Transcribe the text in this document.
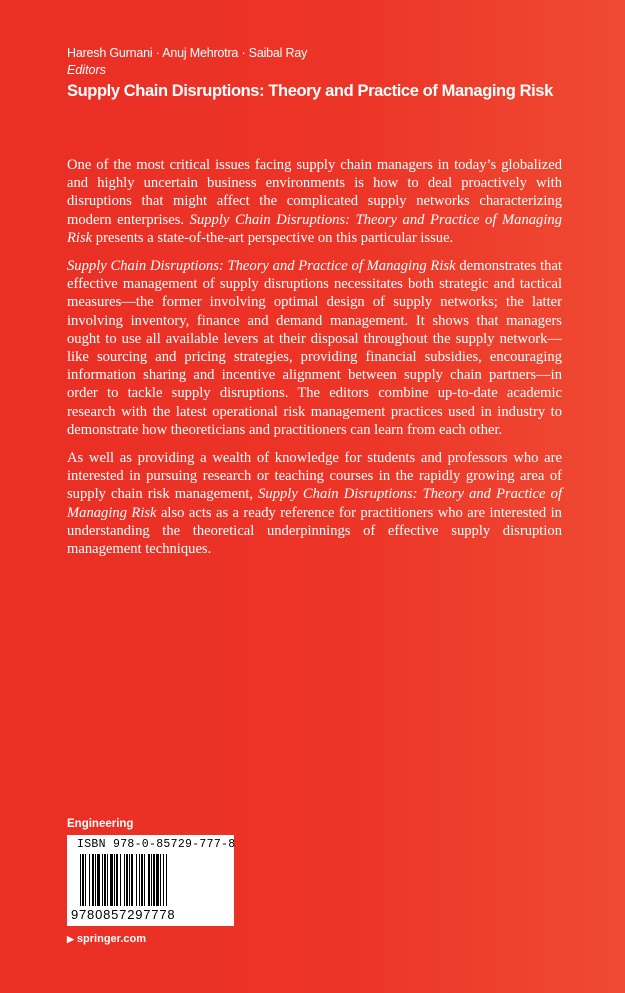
Haresh Gurnani · Anuj Mehrotra · Saibal Ray
Editors
Supply Chain Disruptions: Theory and Practice of Managing Risk

One of the most critical issues facing supply chain managers in today’s globalized and highly uncertain business environments is how to deal proactively with disruptions that might affect the complicated supply networks characterizing modern enterprises. Supply Chain Disruptions: Theory and Practice of Managing Risk presents a state-of-the-art perspective on this particular issue.

Supply Chain Disruptions: Theory and Practice of Managing Risk demonstrates that effective management of supply disruptions necessitates both strategic and tactical measures—the former involving optimal design of supply networks; the latter involving inventory, finance and demand management. It shows that managers ought to use all available levers at their disposal throughout the supply network—like sourcing and pricing strategies, providing financial subsidies, encouraging information sharing and incentive alignment between supply chain partners—in order to tackle supply disruptions. The editors combine up-to-date academic research with the latest operational risk management practices used in industry to demonstrate how theoreticians and practitioners can learn from each other.

As well as providing a wealth of knowledge for students and professors who are interested in pursuing research or teaching courses in the rapidly growing area of supply chain risk management, Supply Chain Disruptions: Theory and Practice of Managing Risk also acts as a ready reference for practitioners who are interested in understanding the theoretical underpinnings of effective supply disruption management techniques.

Engineering
ISBN 978-0-85729-777-8
9780857297778
▶ springer.com
